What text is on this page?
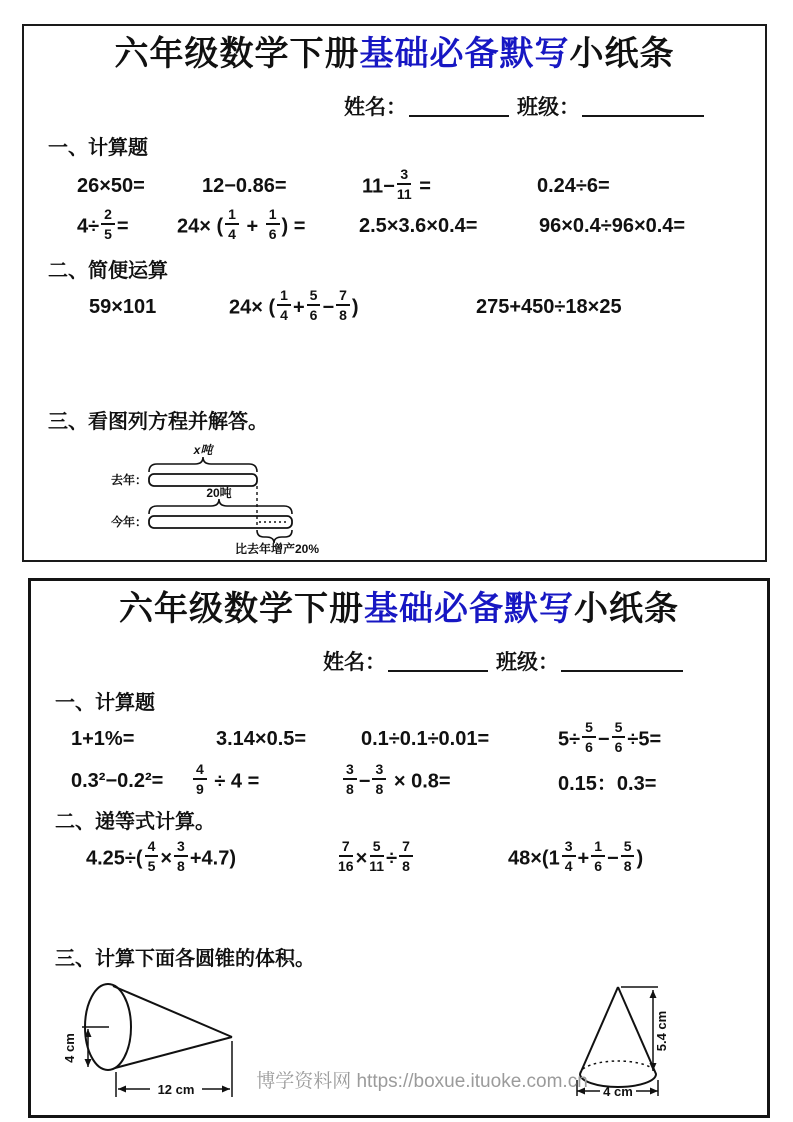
六年级数学下册基础必备默写小纸条
姓名：	班级：
一、计算题
26×50=	12−0.86=	$11- \frac{3}{11}$ =	0.24÷6=
$4\div \frac{2}{5}$ =	24× ( $\frac{1}{4} + \frac{1}{6}$ ) =	2.5×3.6×0.4=	96×0.4÷96×0.4=
二、简便运算
59×101	24× ( $\frac{1}{4} + \frac{5}{6} - \frac{7}{8}$ )	275+450÷18×25
三、看图列方程并解答。
x吨
去年：
20吨
今年：
比去年增产20%
六年级数学下册基础必备默写小纸条
姓名：	班级：
一、计算题
1+1%=	3.14×0.5=	0.1÷0.1÷0.01=	$5\div \frac{5}{6} - \frac{5}{6} \div 5=$
0.3²−0.2²=	$\frac{4}{9} \div 4$ =	$\frac{3}{8} - \frac{3}{8} \times 0.8=$	0.15：0.3=
二、递等式计算。
$4.25\div( \frac{4}{5} \times \frac{3}{8} +4.7)$	$\frac{7}{16} \times \frac{5}{11} \div \frac{7}{8}$	$48\times(1 \frac{3}{4} + \frac{1}{6} - \frac{5}{8}$ )
三、计算下面各圆锥的体积。
4 cm
12 cm
5.4 cm
4 cm
博学资料网 https://boxue.ituoke.com.cn
